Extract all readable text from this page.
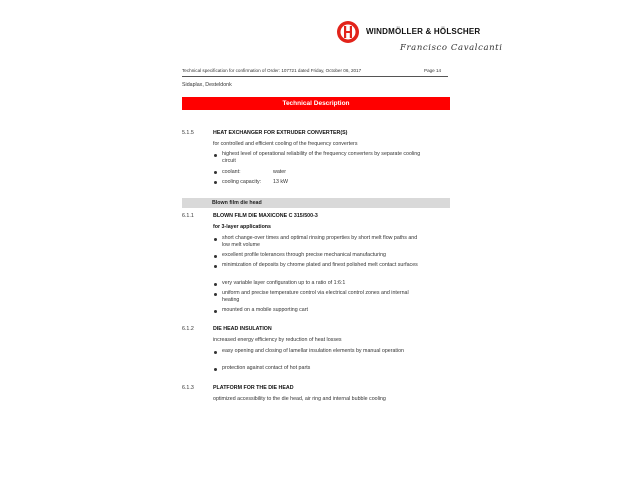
WINDMÖLLER & HÖLSCHER
Francisco Cavalcanti
Technical specification for confirmation of Order: 107721 dated Friday, October 06, 2017	Page 14
Sidaplax, Desteldonk
Technical Description
5.1.5	HEAT EXCHANGER FOR EXTRUDER CONVERTER(S)
for controlled and efficient cooling of the frequency converters
highest level of operational reliability of the frequency converters by separate cooling circuit
coolant:	water
cooling capacity: 13 kW
Blown film die head
6.1.1	BLOWN FILM DIE MAXICONE C 315/500-3
for 3-layer applications
short change-over times and optimal rinsing properties by short melt flow paths and low melt volume
excellent profile tolerances through precise mechanical manufacturing
minimization of deposits by chrome plated and finest polished melt contact surfaces
very variable layer configuration up to a ratio of 1:6:1
uniform and precise temperature control via electrical control zones and internal heating
mounted on a mobile supporting cart
6.1.2	DIE HEAD INSULATION
increased energy efficiency by reduction of heat losses
easy opening and closing of lamellar insulation elements by manual operation
protection against contact of hot parts
6.1.3	PLATFORM FOR THE DIE HEAD
optimized accessibility to the die head, air ring and internal bubble cooling
